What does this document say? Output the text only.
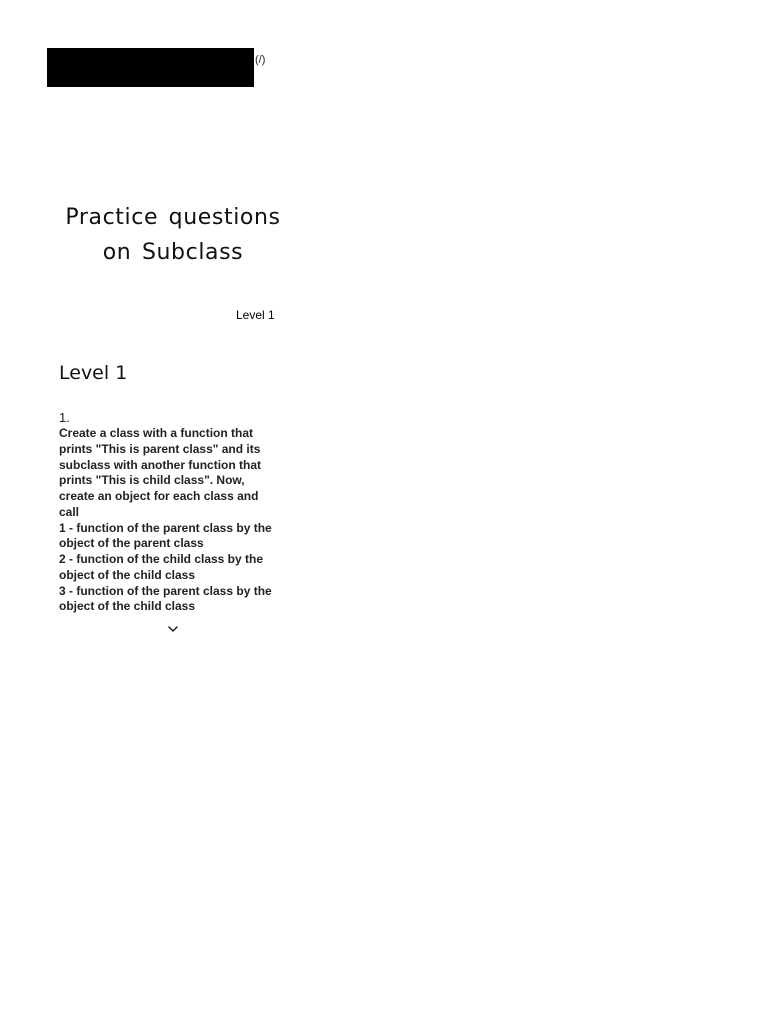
(/)
Practice questions on Subclass
Level 1
Level 1
1.

Create a class with a function that prints "This is parent class" and its subclass with another function that prints "This is child class". Now, create an object for each class and call
1 - function of the parent class by the object of the parent class
2 - function of the child class by the object of the child class
3 - function of the parent class by the object of the child class
